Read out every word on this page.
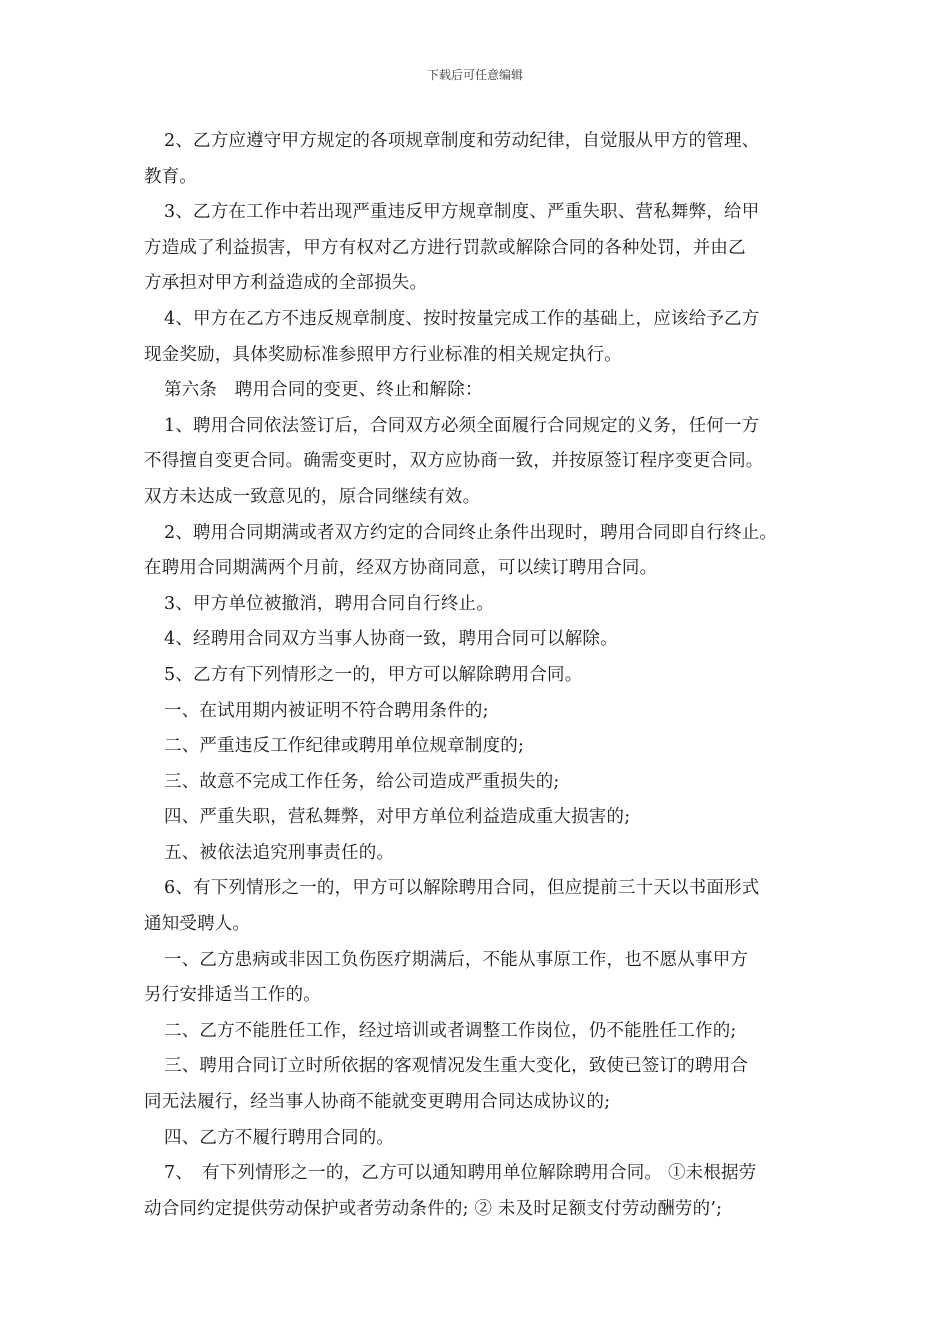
下载后可任意编辑
2、乙方应遵守甲方规定的各项规章制度和劳动纪律，自觉服从甲方的管理、
教育。
3、乙方在工作中若出现严重违反甲方规章制度、严重失职、营私舞弊，给甲
方造成了利益损害，甲方有权对乙方进行罚款或解除合同的各种处罚，并由乙
方承担对甲方利益造成的全部损失。
4、甲方在乙方不违反规章制度、按时按量完成工作的基础上，应该给予乙方
现金奖励，具体奖励标准参照甲方行业标准的相关规定执行。
第六条　聘用合同的变更、终止和解除：
1、聘用合同依法签订后，合同双方必须全面履行合同规定的义务，任何一方
不得擅自变更合同。确需变更时，双方应协商一致，并按原签订程序变更合同。
双方未达成一致意见的，原合同继续有效。
2、聘用合同期满或者双方约定的合同终止条件出现时，聘用合同即自行终止。
在聘用合同期满两个月前，经双方协商同意，可以续订聘用合同。
3、甲方单位被撤消，聘用合同自行终止。
4、经聘用合同双方当事人协商一致，聘用合同可以解除。
5、乙方有下列情形之一的，甲方可以解除聘用合同。
一、在试用期内被证明不符合聘用条件的;
二、严重违反工作纪律或聘用单位规章制度的;
三、故意不完成工作任务，给公司造成严重损失的;
四、严重失职，营私舞弊，对甲方单位利益造成重大损害的;
五、被依法追究刑事责任的。
6、有下列情形之一的，甲方可以解除聘用合同，但应提前三十天以书面形式
通知受聘人。
一、乙方患病或非因工负伤医疗期满后，不能从事原工作，也不愿从事甲方
另行安排适当工作的。
二、乙方不能胜任工作，经过培训或者调整工作岗位，仍不能胜任工作的;
三、聘用合同订立时所依据的客观情况发生重大变化，致使已签订的聘用合
同无法履行，经当事人协商不能就变更聘用合同达成协议的;
四、乙方不履行聘用合同的。
7、　有下列情形之一的，乙方可以通知聘用单位解除聘用合同。 ①未根据劳
动合同约定提供劳动保护或者劳动条件的; ② 未及时足额支付劳动酬劳的’;
